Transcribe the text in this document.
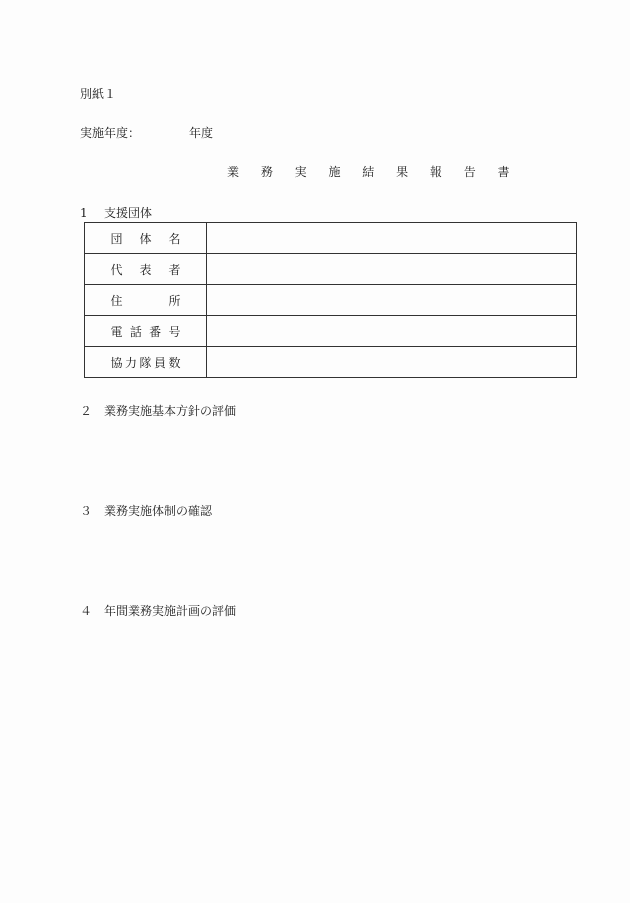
別紙１
実施年度：	年度
業 務 実 施 結 果 報 告 書
1 支援団体
団　体　名	
代　表　者	
住　　　所	
電 話 番 号	
協力隊員数	
２ 業務実施基本方針の評価
３ 業務実施体制の確認
４ 年間業務実施計画の評価
